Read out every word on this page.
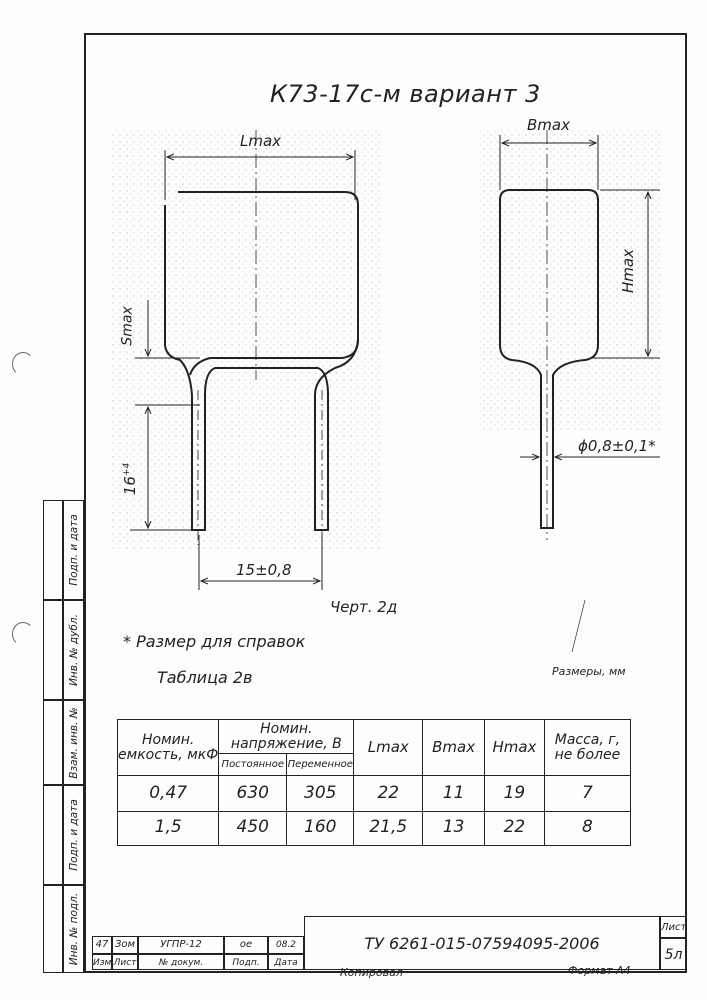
К73-17с-м вариант 3
Lmax
Bmax
Hmax
Smax
$16^{+4}$
15±0,8
ϕ0,8±0,1*
Черт. 2д
* Размер для справок
Таблица 2в	Размеры, мм
Номин. емкость, мкФ	Номин. напряжение, В		Lmax	Bmax	Hmax	Масса, г, не более
	Постоянное	Переменное				
0,47	630	305	22	11	19	7
1,5	450	160	21,5	13	22	8
Подп. и дата
Инв. № дубл.
Взам. инв. №
Подп. и дата
Инв. № подл.	47 Зом	УГПР-12	ое	08.2
Изм Лист	№ докум.	Подп.	Дата
ТУ 6261-015-07594095-2006
Лист
5л
Копировал	Формат А4
